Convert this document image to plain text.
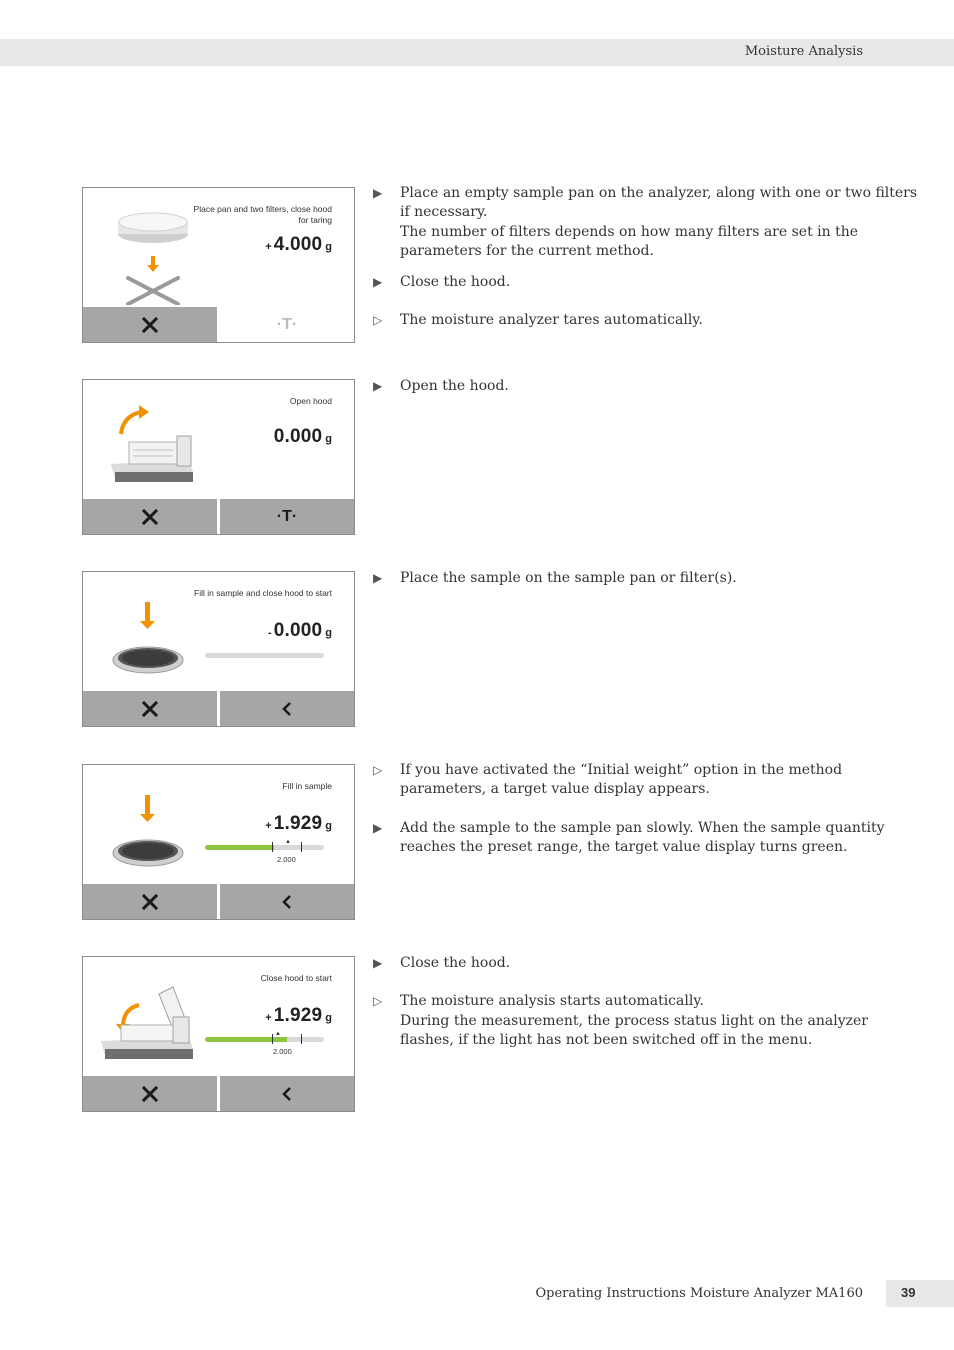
Moisture Analysis
Place pan and two filters, close hood for taring
+ 4.000 g
·T·
Open hood
0.000 g
·T·
Fill in sample and close hood to start
- 0.000 g
Fill in sample
+ 1.929 g
▲
2.000
Close hood to start
+ 1.929 g
▲
2.000
▶ Place an empty sample pan on the analyzer, along with one or two filters if necessary.
The number of filters depends on how many filters are set in the parameters for the current method.
▶ Close the hood.
▷ The moisture analyzer tares automatically.
▶ Open the hood.
▶ Place the sample on the sample pan or filter(s).
▷ If you have activated the “Initial weight” option in the method parameters, a target value display appears.
▶ Add the sample to the sample pan slowly. When the sample quantity reaches the preset range, the target value display turns green.
▶ Close the hood.
▷ The moisture analysis starts automatically.
During the measurement, the process status light on the analyzer flashes, if the light has not been switched off in the menu.
Operating Instructions Moisture Analyzer MA160	39
